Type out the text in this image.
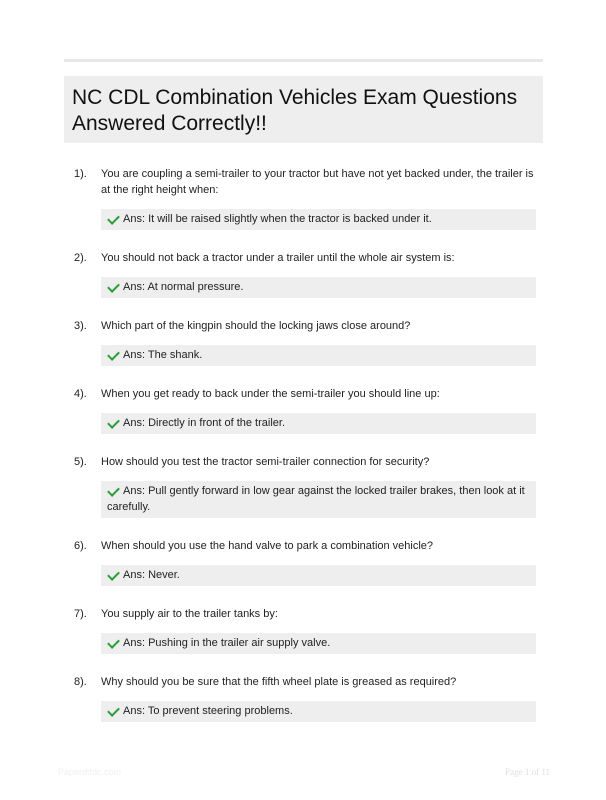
NC CDL Combination Vehicles Exam Questions Answered Correctly!!
1).	You are coupling a semi-trailer to your tractor but have not yet backed under, the trailer is at the right height when:
Ans: It will be raised slightly when the tractor is backed under it.
2).	You should not back a tractor under a trailer until the whole air system is:
Ans: At normal pressure.
3).	Which part of the kingpin should the locking jaws close around?
Ans: The shank.
4).	When you get ready to back under the semi-trailer you should line up:
Ans: Directly in front of the trailer.
5).	How should you test the tractor semi-trailer connection for security?
Ans: Pull gently forward in low gear against the locked trailer brakes, then look at it carefully.
6).	When should you use the hand valve to park a combination vehicle?
Ans: Never.
7).	You supply air to the trailer tanks by:
Ans: Pushing in the trailer air supply valve.
8).	Why should you be sure that the fifth wheel plate is greased as required?
Ans: To prevent steering problems.
Paperdtfdc.com	Page 1 of 11
